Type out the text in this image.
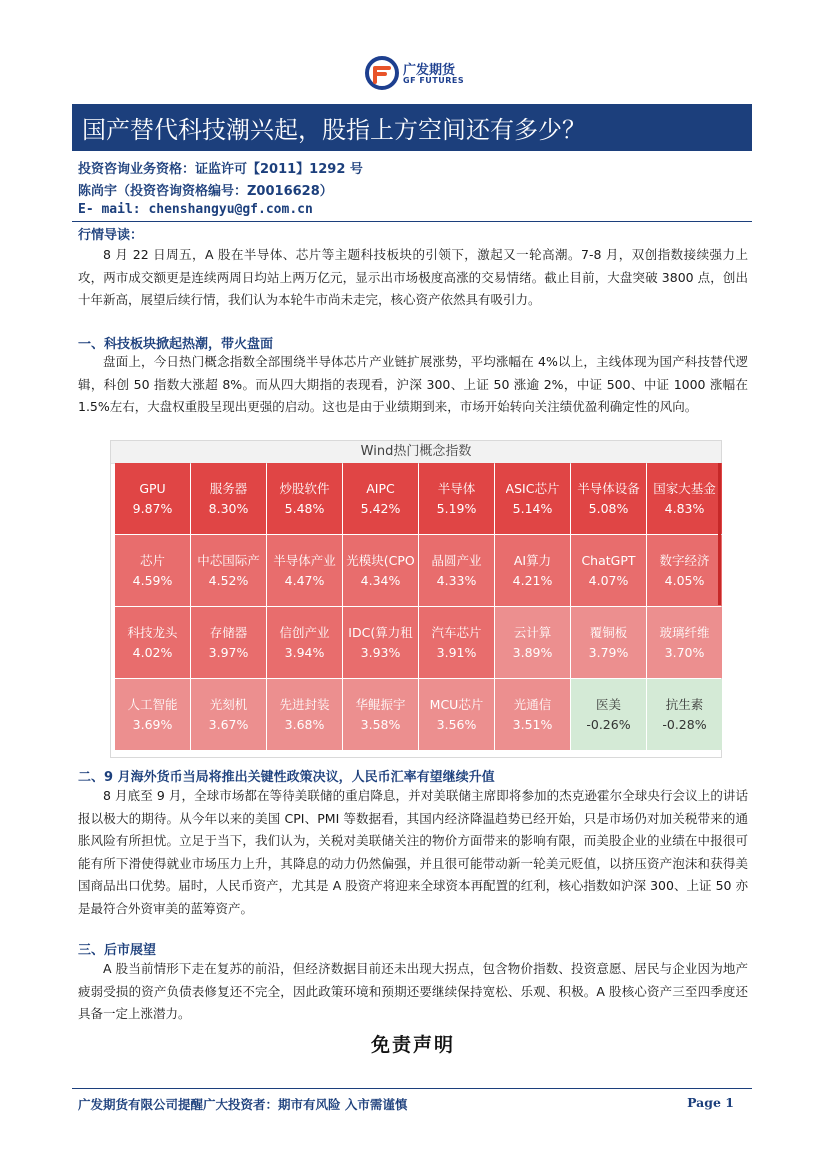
广发期货
GF FUTURES
国产替代科技潮兴起，股指上方空间还有多少？
投资咨询业务资格：证监许可【2011】1292 号
陈尚宇（投资咨询资格编号：Z0016628）
E- mail: chenshangyu@gf.com.cn
行情导读：

8 月 22 日周五，A 股在半导体、芯片等主题科技板块的引领下，激起又一轮高潮。7-8 月，双创指数接续强力上攻，两市成交额更是连续两周日均站上两万亿元，显示出市场极度高涨的交易情绪。截止目前，大盘突破 3800 点，创出十年新高，展望后续行情，我们认为本轮牛市尚未走完，核心资产依然具有吸引力。

一、科技板块掀起热潮，带火盘面

盘面上，今日热门概念指数全部围绕半导体芯片产业链扩展涨势，平均涨幅在 4%以上，主线体现为国产科技替代逻辑，科创 50 指数大涨超 8%。而从四大期指的表现看，沪深 300、上证 50 涨逾 2%，中证 500、中证 1000 涨幅在 1.5%左右，大盘权重股呈现出更强的启动。这也是由于业绩期到来，市场开始转向关注绩优盈利确定性的风向。

Wind热门概念指数
GPU
9.87%
服务器
8.30%
炒股软件
5.48%
AIPC
5.42%
半导体
5.19%
ASIC芯片
5.14%
半导体设备
5.08%
国家大基金
4.83%
芯片
4.59%
中芯国际产
4.52%
半导体产业
4.47%
光模块(CPO
4.34%
晶圆产业
4.33%
AI算力
4.21%
ChatGPT
4.07%
数字经济
4.05%
科技龙头
4.02%
存储器
3.97%
信创产业
3.94%
IDC(算力租
3.93%
汽车芯片
3.91%
云计算
3.89%
覆铜板
3.79%
玻璃纤维
3.70%
人工智能
3.69%
光刻机
3.67%
先进封装
3.68%
华鲲振宇
3.58%
MCU芯片
3.56%
光通信
3.51%
医美
-0.26%
抗生素
-0.28%
二、9 月海外货币当局将推出关键性政策决议，人民币汇率有望继续升值

8 月底至 9 月，全球市场都在等待美联储的重启降息，并对美联储主席即将参加的杰克逊霍尔全球央行会议上的讲话报以极大的期待。从今年以来的美国 CPI、PMI 等数据看，其国内经济降温趋势已经开始，只是市场仍对加关税带来的通胀风险有所担忧。立足于当下，我们认为，关税对美联储关注的物价方面带来的影响有限，而美股企业的业绩在中报很可能有所下滑使得就业市场压力上升，其降息的动力仍然偏强，并且很可能带动新一轮美元贬值，以挤压资产泡沫和获得美国商品出口优势。届时，人民币资产，尤其是 A 股资产将迎来全球资本再配置的红利，核心指数如沪深 300、上证 50 亦是最符合外资审美的蓝筹资产。

三、后市展望

A 股当前情形下走在复苏的前沿，但经济数据目前还未出现大拐点，包含物价指数、投资意愿、居民与企业因为地产疲弱受损的资产负债表修复还不完全，因此政策环境和预期还要继续保持宽松、乐观、积极。A 股核心资产三至四季度还具备一定上涨潜力。

免责声明
广发期货有限公司提醒广大投资者：期市有风险 入市需谨慎	Page 1
